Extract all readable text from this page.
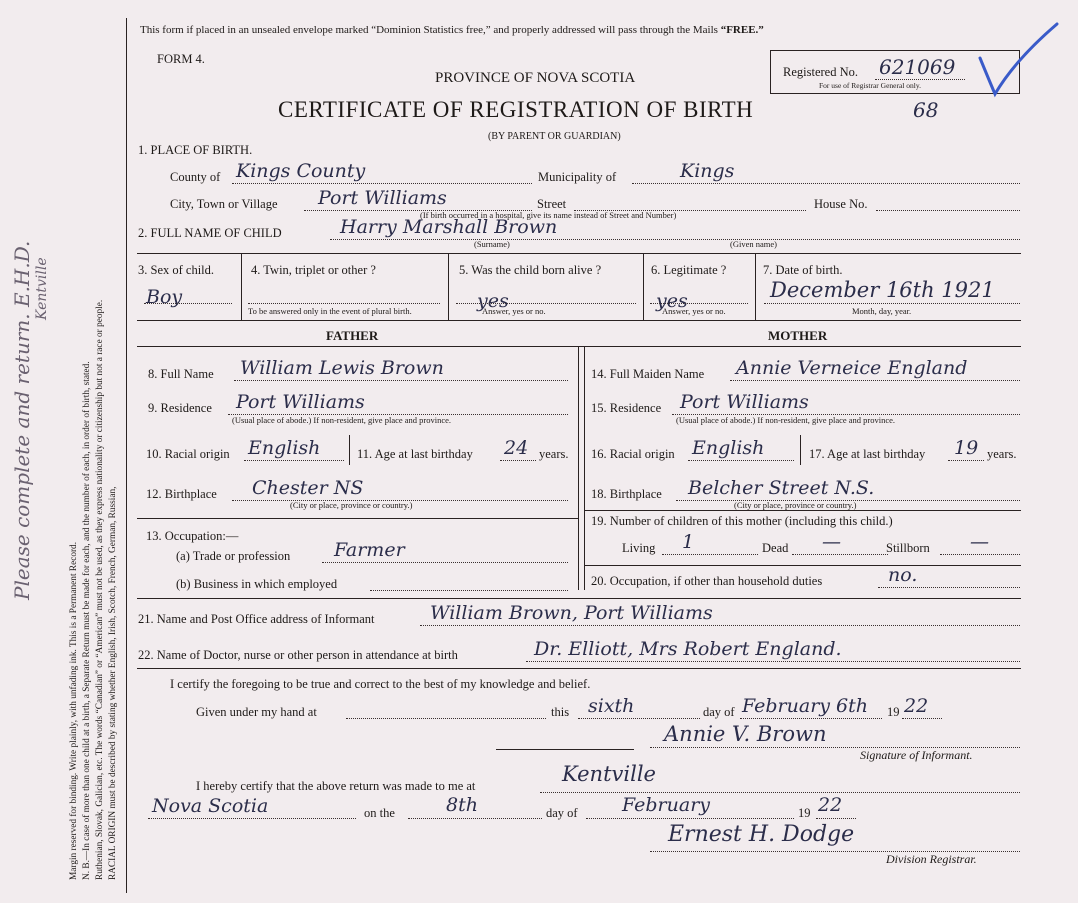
RACIAL ORIGIN must be described by stating whether English, Irish, Scotch, French, German, Russian,
Ruthenian, Slovak, Galician, etc. The words “Canadian” or “American” must not be used, as they express nationality or citizenship but not a race or people.
N. B.—In case of more than one child at a birth, a Separate Return must be made for each, and the number of each, in order of birth, stated.
Margin reserved for binding. Write plainly, with unfading ink. This is a Permanent Record.
Please complete and return. E.H.D. Kentville
This form if placed in an unsealed envelope marked “Dominion Statistics free,” and properly addressed will pass through the Mails “FREE.”
FORM 4.
Registered No. 621069
For use of Registrar General only.
PROVINCE OF NOVA SCOTIA
CERTIFICATE OF REGISTRATION OF BIRTH	68
(BY PARENT OR GUARDIAN)
1. PLACE OF BIRTH.
County of Kings County	Municipality of	Kings
City, Town or Village Port Williams	Street	House No.
(If birth occurred in a hospital, give its name instead of Street and Number)
2. FULL NAME OF CHILD	Harry Marshall Brown
(Surname)	(Given name)
3. Sex of child.
Boy
4. Twin, triplet or other ?
To be answered only in the event of plural birth.
5. Was the child born alive ?
yes
Answer, yes or no.
6. Legitimate ?
yes
Answer, yes or no.
7. Date of birth.
December 16th 1921
Month, day, year.
FATHER	MOTHER
8. Full Name William Lewis Brown
9. Residence Port Williams
(Usual place of abode.) If non-resident, give place and province.
10. Racial origin English	11. Age at last birthday 24 years.
12. Birthplace Chester NS
(City or place, province or country.)
13. Occupation:—
(a) Trade or profession Farmer
(b) Business in which employed
14. Full Maiden Name Annie Verneice England
15. Residence Port Williams
(Usual place of abode.) If non-resident, give place and province.
16. Racial origin English	17. Age at last birthday 19 years.
18. Birthplace Belcher Street N.S.
(City or place, province or country.)
19. Number of children of this mother (including this child.)
Living 1	Dead —	Stillborn —
20. Occupation, if other than household duties	no.
21. Name and Post Office address of Informant	William Brown, Port Williams
22. Name of Doctor, nurse or other person in attendance at birth	Dr. Elliott, Mrs Robert England.
I certify the foregoing to be true and correct to the best of my knowledge and belief.
Given under my hand at	this sixth	day of February 6th 19 22
Annie V. Brown
Signature of Informant.
I hereby certify that the above return was made to me at	Kentville
Nova Scotia	on the	8th	day of February	19 22
Ernest H. Dodge
Division Registrar.
